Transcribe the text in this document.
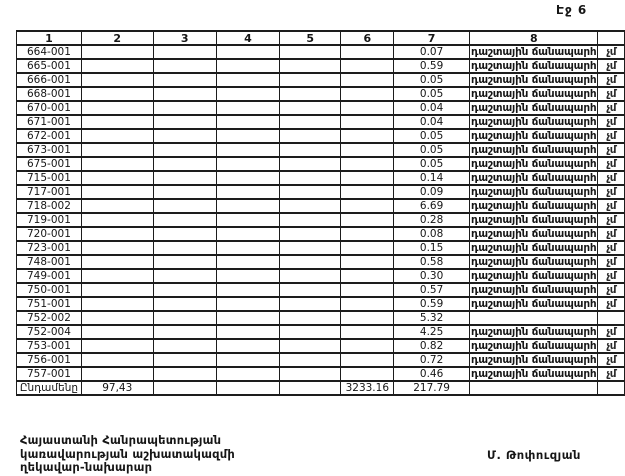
Էջ 6
1	2	3	4	5	6	7	8	
664-001						0.07	դաշտային ճանապարհ	չմ
665-001						0.59	դաշտային ճանապարհ	չմ
666-001						0.05	դաշտային ճանապարհ	չմ
668-001						0.05	դաշտային ճանապարհ	չմ
670-001						0.04	դաշտային ճանապարհ	չմ
671-001						0.04	դաշտային ճանապարհ	չմ
672-001						0.05	դաշտային ճանապարհ	չմ
673-001						0.05	դաշտային ճանապարհ	չմ
675-001						0.05	դաշտային ճանապարհ	չմ
715-001						0.14	դաշտային ճանապարհ	չմ
717-001						0.09	դաշտային ճանապարհ	չմ
718-002						6.69	դաշտային ճանապարհ	չմ
719-001						0.28	դաշտային ճանապարհ	չմ
720-001						0.08	դաշտային ճանապարհ	չմ
723-001						0.15	դաշտային ճանապարհ	չմ
748-001						0.58	դաշտային ճանապարհ	չմ
749-001						0.30	դաշտային ճանապարհ	չմ
750-001						0.57	դաշտային ճանապարհ	չմ
751-001						0.59	դաշտային ճանապարհ	չմ
752-002						5.32		
752-004						4.25	դաշտային ճանապարհ	չմ
753-001						0.82	դաշտային ճանապարհ	չմ
756-001						0.72	դաշտային ճանապարհ	չմ
757-001						0.46	դաշտային ճանապարհ	չմ
Ընդամենը	97,43				3233.16	217.79		
Հայաստանի Հանրապետության
կառավարության աշխատակազմի
ղեկավար-նախարար
Մ. Թոփուզյան
